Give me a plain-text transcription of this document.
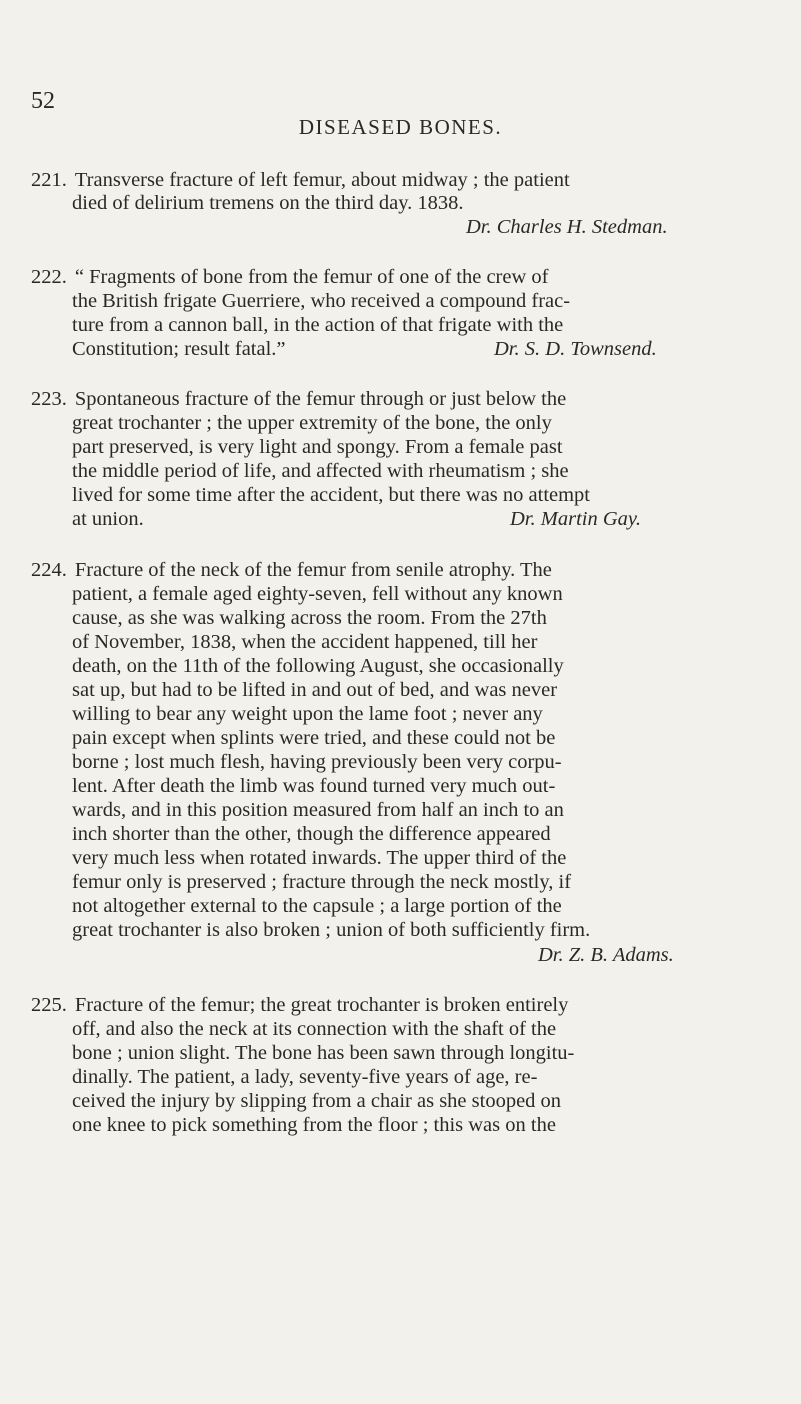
52
DISEASED BONES.
221. Transverse fracture of left femur, about midway ; the patient
died of delirium tremens on the third day. 1838.
Dr. Charles H. Stedman.
222. “ Fragments of bone from the femur of one of the crew of
the British frigate Guerriere, who received a compound frac-
ture from a cannon ball, in the action of that frigate with the
Constitution; result fatal.”	Dr. S. D. Townsend.
223. Spontaneous fracture of the femur through or just below the
great trochanter ; the upper extremity of the bone, the only
part preserved, is very light and spongy. From a female past
the middle period of life, and affected with rheumatism ; she
lived for some time after the accident, but there was no attempt
at union.	Dr. Martin Gay.
224. Fracture of the neck of the femur from senile atrophy. The
patient, a female aged eighty-seven, fell without any known
cause, as she was walking across the room. From the 27th
of November, 1838, when the accident happened, till her
death, on the 11th of the following August, she occasionally
sat up, but had to be lifted in and out of bed, and was never
willing to bear any weight upon the lame foot ; never any
pain except when splints were tried, and these could not be
borne ; lost much flesh, having previously been very corpu-
lent. After death the limb was found turned very much out-
wards, and in this position measured from half an inch to an
inch shorter than the other, though the difference appeared
very much less when rotated inwards. The upper third of the
femur only is preserved ; fracture through the neck mostly, if
not altogether external to the capsule ; a large portion of the
great trochanter is also broken ; union of both sufficiently firm.
Dr. Z. B. Adams.
225. Fracture of the femur; the great trochanter is broken entirely
off, and also the neck at its connection with the shaft of the
bone ; union slight. The bone has been sawn through longitu-
dinally. The patient, a lady, seventy-five years of age, re-
ceived the injury by slipping from a chair as she stooped on
one knee to pick something from the floor ; this was on the
